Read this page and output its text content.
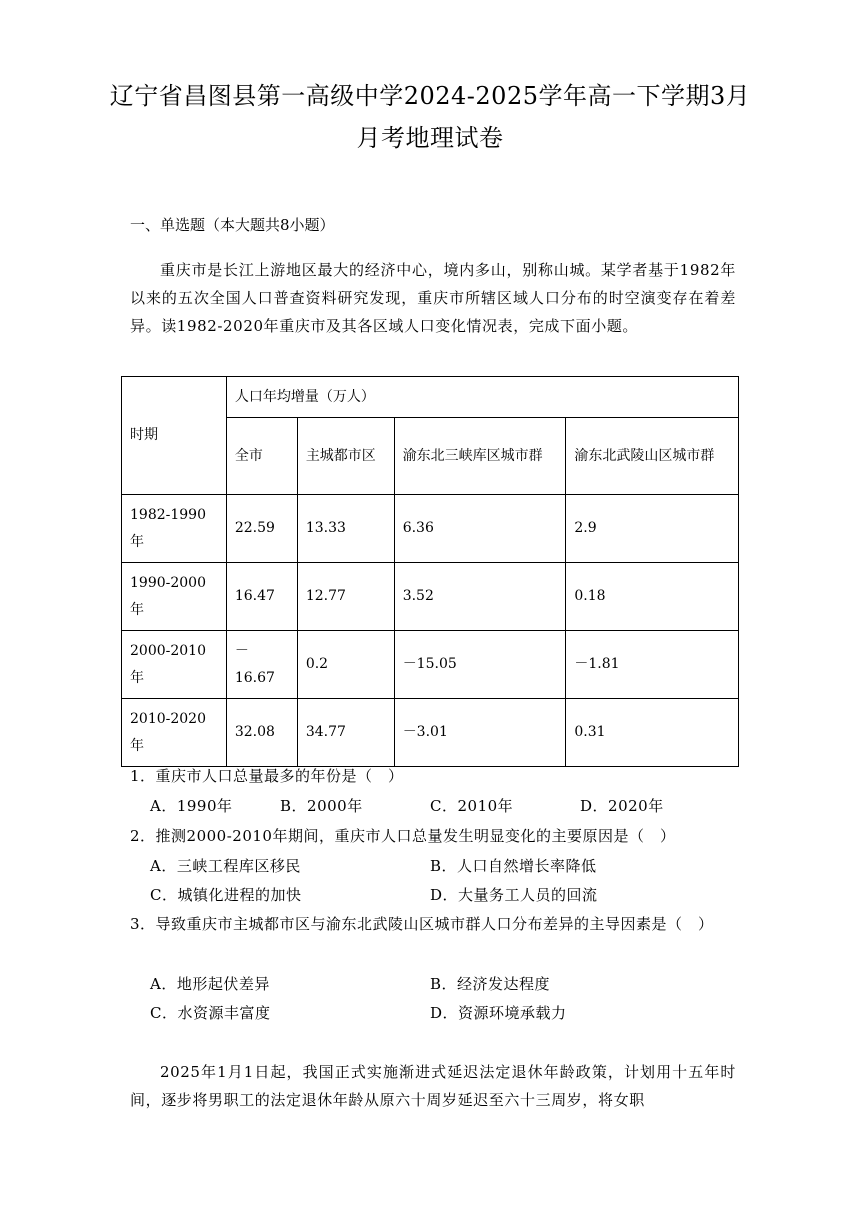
辽宁省昌图县第一高级中学2024-2025学年高一下学期3月
月考地理试卷
一、单选题（本大题共8小题）
重庆市是长江上游地区最大的经济中心，境内多山，别称山城。某学者基于1982年以来的五次全国人口普查资料研究发现，重庆市所辖区域人口分布的时空演变存在着差异。读1982-2020年重庆市及其各区域人口变化情况表，完成下面小题。
时期	人口年均增量（万人）			
	全市	主城都市区	渝东北三峡库区城市群	渝东北武陵山区城市群
1982-1990年	22.59	13.33	6.36	2.9
1990-2000年	16.47	12.77	3.52	0.18
2000-2010年	－16.67	0.2	－15.05	－1.81
2010-2020年	32.08	34.77	－3.01	0.31
1．重庆市人口总量最多的年份是（　）
A．1990年	B．2000年	C．2010年	D．2020年
2．推测2000-2010年期间，重庆市人口总量发生明显变化的主要原因是（　）
A．三峡工程库区移民	B．人口自然增长率降低
C．城镇化进程的加快	D．大量务工人员的回流
3．导致重庆市主城都市区与渝东北武陵山区城市群人口分布差异的主导因素是（　）
A．地形起伏差异	B．经济发达程度
C．水资源丰富度	D．资源环境承载力
2025年1月1日起，我国正式实施渐进式延迟法定退休年龄政策，计划用十五年时间，逐步将男职工的法定退休年龄从原六十周岁延迟至六十三周岁，将女职
